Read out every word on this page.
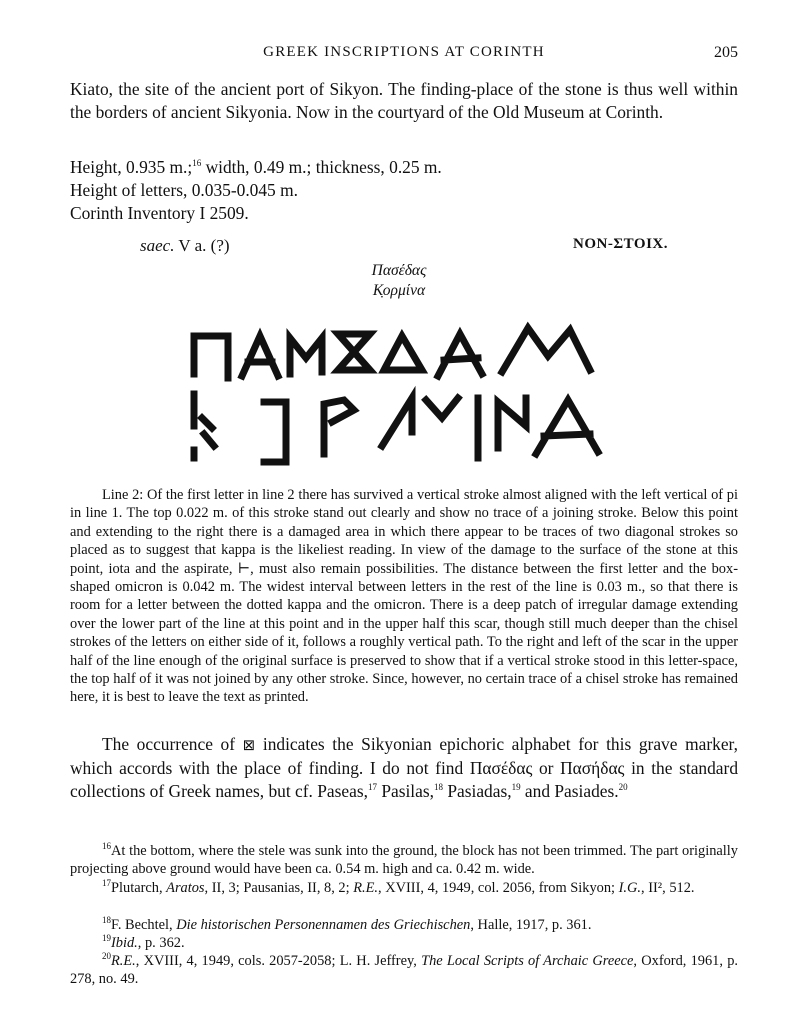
GREEK INSCRIPTIONS AT CORINTH	205

Kiato, the site of the ancient port of Sikyon. The finding-place of the stone is thus well within the borders of ancient Sikyonia. Now in the courtyard of the Old Museum at Corinth.

Height, 0.935 m.;$^{16}$ width, 0.49 m.; thickness, 0.25 m.
Height of letters, 0.035-0.045 m.
Corinth Inventory I 2509.
saec. V a. (?)	NON-ΣΤΟΙΧ.
Πασέδας
Κ̣ορμίνα

Line 2: Of the first letter in line 2 there has survived a vertical stroke almost aligned with the left vertical of pi in line 1. The top 0.022 m. of this stroke stand out clearly and show no trace of a joining stroke. Below this point and extending to the right there is a damaged area in which there appear to be traces of two diagonal strokes so placed as to suggest that kappa is the likeliest reading. In view of the damage to the surface of the stone at this point, iota and the aspirate, ⊢, must also remain possibilities. The distance between the first letter and the box-shaped omicron is 0.042 m. The widest interval between letters in the rest of the line is 0.03 m., so that there is room for a letter between the dotted kappa and the omicron. There is a deep patch of irregular damage extending over the lower part of the line at this point and in the upper half this scar, though still much deeper than the chisel strokes of the letters on either side of it, follows a roughly vertical path. To the right and left of the scar in the upper half of the line enough of the original surface is preserved to show that if a vertical stroke stood in this letter-space, the top half of it was not joined by any other stroke. Since, however, no certain trace of a chisel stroke has remained here, it is best to leave the text as printed.

The occurrence of ⊠ indicates the Sikyonian epichoric alphabet for this grave marker, which accords with the place of finding. I do not find Πασέδας or Πασήδας in the standard collections of Greek names, but cf. Paseas,$^{17}$ Pasilas,$^{18}$ Pasiadas,$^{19}$ and Pasiades.$^{20}$

$^{16}$At the bottom, where the stele was sunk into the ground, the block has not been trimmed. The part originally projecting above ground would have been ca. 0.54 m. high and ca. 0.42 m. wide.

$^{17}$Plutarch, Aratos, II, 3; Pausanias, II, 8, 2; R.E., XVIII, 4, 1949, col. 2056, from Sikyon; I.G., II², 512.

$^{18}$F. Bechtel, Die historischen Personennamen des Griechischen, Halle, 1917, p. 361.

$^{19}$Ibid., p. 362.

$^{20}$R.E., XVIII, 4, 1949, cols. 2057-2058; L. H. Jeffrey, The Local Scripts of Archaic Greece, Oxford, 1961, p. 278, no. 49.
